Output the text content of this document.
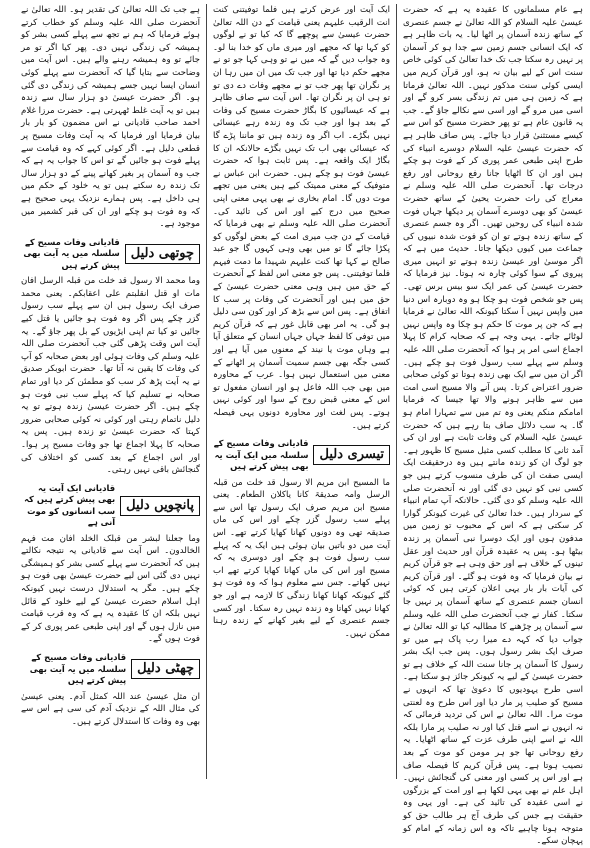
ہے عام مسلمانوں کا عقیدہ یہ ہے کہ حضرت عیسیٰ علیہ السلام کو اللہ تعالیٰ نے جسم عنصری کے ساتھ زندہ آسمان پر اٹھا لیا۔ یہ بات ظاہر ہے کہ ایک انسانی جسم زمین سے جدا ہو کر آسمان پر نہیں رہ سکتا جب تک خدا تعالیٰ کی کوئی خاص سنت اس کے لیے بیان نہ ہو، اور قرآن کریم میں ایسی کوئی سنت مذکور نہیں۔ اللہ تعالیٰ فرماتا ہے کہ زمین ہی میں تم زندگی بسر کرو گے اور اسی میں مرو گے اور اسی سے نکالے جاؤ گے۔ جب یہ قانون عام ہے تو پھر حضرت مسیح کو اس سے کیسے مستثنیٰ قرار دیا جائے۔ پس صاف ظاہر ہے کہ حضرت عیسیٰ علیہ السلام دوسرے انبیاء کی طرح اپنی طبعی عمر پوری کر کے فوت ہو چکے ہیں اور ان کا اٹھایا جانا رفع روحانی اور رفع درجات تھا۔ آنحضرت صلی اللہ علیہ وسلم نے معراج کی رات حضرت یحییٰ کے ساتھ حضرت عیسیٰ کو بھی دوسرے آسمان پر دیکھا جہاں فوت شدہ انبیاء کی روحیں تھیں۔ اگر وہ جسم عنصری کے ساتھ زندہ ہوتے تو ان کو فوت شدہ نبیوں کی جماعت میں کیوں دیکھا جاتا۔ حدیث میں ہے کہ اگر موسیٰ اور عیسیٰ زندہ ہوتے تو انہیں میری پیروی کے سوا کوئی چارہ نہ ہوتا۔ نیز فرمایا کہ حضرت عیسیٰ کی عمر ایک سو بیس برس تھی۔ پس جو شخص فوت ہو چکا ہو وہ دوبارہ اس دنیا میں واپس نہیں آ سکتا کیونکہ اللہ تعالیٰ نے فرمایا ہے کہ جن پر موت کا حکم ہو چکا وہ واپس نہیں لوٹائے جاتے۔ یہی وجہ ہے کہ صحابہ کرام کا پہلا اجماع اسی امر پر ہوا کہ آنحضرت صلی اللہ علیہ وسلم سے پہلے سب رسول فوت ہو چکے ہیں۔ اگر ان میں سے ایک بھی زندہ ہوتا تو کوئی صحابی ضرور اعتراض کرتا۔ پس آنے والا مسیح اسی امت میں سے ظاہر ہونے والا تھا جیسا کہ فرمایا امامکم منکم یعنی وہ تم میں سے تمہارا امام ہو گا۔ یہ سب دلائل صاف بتا رہے ہیں کہ حضرت عیسیٰ علیہ السلام کی وفات ثابت ہے اور ان کی آمد ثانی کا مطلب کسی مثیل مسیح کا ظہور ہے۔ جو لوگ ان کو زندہ مانتے ہیں وہ درحقیقت ایک ایسی صفت ان کی طرف منسوب کرتے ہیں جو کسی نبی کو نہیں دی گئی اور نہ آنحضرت صلی اللہ علیہ وسلم کو دی گئی۔ حالانکہ آپ تمام انبیاء کے سردار ہیں۔ خدا تعالیٰ کی غیرت کیونکر گوارا کر سکتی ہے کہ اس کے محبوب تو زمین میں مدفون ہوں اور ایک دوسرا نبی آسمان پر زندہ بیٹھا ہو۔ پس یہ عقیدہ قرآن اور حدیث اور عقل تینوں کے خلاف ہے اور حق وہی ہے جو قرآن کریم نے بیان فرمایا کہ وہ فوت ہو گئے۔ اور قرآن کریم کی آیات بار بار یہی اعلان کرتی ہیں کہ کوئی انسان جسم عنصری کے ساتھ آسمان پر نہیں جا سکتا۔ کفار نے جب آنحضرت صلی اللہ علیہ وسلم سے آسمان پر چڑھنے کا مطالبہ کیا تو اللہ تعالیٰ نے جواب دیا کہ کہہ دے میرا رب پاک ہے میں تو صرف ایک بشر رسول ہوں۔ پس جب ایک بشر رسول کا آسمان پر جانا سنت اللہ کے خلاف ہے تو حضرت عیسیٰ کے لیے یہ کیونکر جائز ہو سکتا ہے۔ اسی طرح یہودیوں کا دعویٰ تھا کہ انہوں نے مسیح کو صلیب پر مار دیا اور اس طرح وہ لعنتی موت مرا۔ اللہ تعالیٰ نے اس کی تردید فرمائی کہ نہ انہوں نے اسے قتل کیا اور نہ صلیب پر مارا بلکہ اللہ نے اسے اپنی طرف عزت کے ساتھ اٹھایا۔ یہ رفع روحانی تھا جو ہر مومن کو موت کے بعد نصیب ہوتا ہے۔ پس قرآن کریم کا فیصلہ صاف ہے اور اس پر کسی اور معنی کی گنجائش نہیں۔ اہل علم نے بھی یہی لکھا ہے اور امت کے بزرگوں نے اسی عقیدہ کی تائید کی ہے۔ اور یہی وہ حقیقت ہے جس کی طرف آج ہر طالب حق کو متوجہ ہونا چاہیے تاکہ وہ اس زمانہ کے امام کو پہچان سکے۔

ایک آیت اور عرض کرتے ہیں فلما توفیتنی کنت انت الرقیب علیہم یعنی قیامت کے دن اللہ تعالیٰ حضرت عیسیٰ سے پوچھے گا کہ کیا تو نے لوگوں کو کہا تھا کہ مجھے اور میری ماں کو خدا بنا لو۔ وہ جواب دیں گے کہ میں نے تو وہی کہا جو تو نے مجھے حکم دیا تھا اور جب تک میں ان میں رہا ان پر نگران تھا پھر جب تو نے مجھے وفات دے دی تو تو ہی ان پر نگران تھا۔ اس آیت سے صاف ظاہر ہے کہ عیسائیوں کا بگاڑ حضرت مسیح کی وفات کے بعد ہوا اور جب تک وہ زندہ رہے عیسائی نہیں بگڑے۔ اب اگر وہ زندہ ہیں تو ماننا پڑے گا کہ عیسائی بھی اب تک نہیں بگڑے حالانکہ ان کا بگاڑ ایک واقعہ ہے۔ پس ثابت ہوا کہ حضرت عیسیٰ فوت ہو چکے ہیں۔ حضرت ابن عباس نے متوفیک کے معنی ممیتک کیے ہیں یعنی میں تجھے موت دوں گا۔ امام بخاری نے بھی یہی معنی اپنی صحیح میں درج کیے اور اس کی تائید کی۔ آنحضرت صلی اللہ علیہ وسلم نے بھی فرمایا کہ قیامت کے دن جب میری امت کے بعض لوگوں کو پکڑا جائے گا تو میں بھی وہی کہوں گا جو عبد صالح نے کہا تھا کنت علیہم شہیدا ما دمت فیہم فلما توفیتنی۔ پس جو معنی اس لفظ کے آنحضرت کے حق میں ہیں وہی معنی حضرت عیسیٰ کے حق میں ہیں اور آنحضرت کی وفات پر سب کا اتفاق ہے۔ پس اس سے بڑھ کر اور کون سی دلیل ہو گی۔ یہ امر بھی قابل غور ہے کہ قرآن کریم میں توفی کا لفظ جہاں جہاں انسان کے متعلق آیا ہے وہاں موت یا نیند کے معنوں میں آیا ہے اور کسی جگہ بھی جسم سمیت آسمان پر اٹھانے کے معنی میں استعمال نہیں ہوا۔ عرب کے محاورہ میں بھی جب اللہ فاعل ہو اور انسان مفعول تو اس کے معنی قبض روح کے سوا اور کوئی نہیں ہوتے۔ پس لغت اور محاورہ دونوں یہی فیصلہ کرتے ہیں۔

تیسری دلیل
قادیانی وفات مسیح کے سلسلہ میں ایک آیت یہ بھی پیش کرتے ہیں

ما المسیح ابن مریم الا رسول قد خلت من قبلہ الرسل وامہ صدیقۃ کانا یاکلان الطعام۔ یعنی مسیح ابن مریم صرف ایک رسول تھا اس سے پہلے سب رسول گزر چکے اور اس کی ماں صدیقہ تھی وہ دونوں کھانا کھایا کرتے تھے۔ اس آیت میں دو باتیں بیان ہوئی ہیں ایک یہ کہ پہلے سب رسول فوت ہو چکے اور دوسری یہ کہ مسیح اور اس کی ماں کھانا کھایا کرتے تھے اب نہیں کھاتے۔ جس سے معلوم ہوا کہ وہ فوت ہو گئے کیونکہ کھانا کھانا زندگی کا لازمہ ہے اور جو کھانا نہیں کھاتا وہ زندہ نہیں رہ سکتا۔ اور کسی جسم عنصری کے لیے بغیر کھانے کے زندہ رہنا ممکن نہیں۔

ہے جب تک اللہ تعالیٰ کی تقدیر ہو۔ اللہ تعالیٰ نے آنحضرت صلی اللہ علیہ وسلم کو خطاب کرتے ہوئے فرمایا کہ ہم نے تجھ سے پہلے کسی بشر کو ہمیشہ کی زندگی نہیں دی۔ پھر کیا اگر تو مر جائے تو وہ ہمیشہ رہنے والے ہیں۔ اس آیت میں وضاحت سے بتایا گیا کہ آنحضرت سے پہلے کوئی انسان ایسا نہیں جسے ہمیشہ کی زندگی دی گئی ہو۔ اگر حضرت عیسیٰ دو ہزار سال سے زندہ ہیں تو یہ آیت غلط ٹھہرتی ہے۔ حضرت مرزا غلام احمد صاحب قادیانی نے اس مضمون کو بار بار بیان فرمایا اور فرمایا کہ یہ آیت وفات مسیح پر قطعی دلیل ہے۔ اگر کوئی کہے کہ وہ قیامت سے پہلے فوت ہو جائیں گے تو اس کا جواب یہ ہے کہ جب وہ آسمان پر بغیر کھانے پینے کے دو ہزار سال تک زندہ رہ سکتے ہیں تو یہ خلود کے حکم میں ہی داخل ہے۔ پس ہمارے نزدیک یہی صحیح ہے کہ وہ فوت ہو چکے اور ان کی قبر کشمیر میں موجود ہے۔

چوتھی دلیل
قادیانی وفات مسیح کے سلسلہ میں یہ آیت بھی پیش کرتے ہیں

وما محمد الا رسول قد خلت من قبلہ الرسل افان مات او قتل انقلبتم علی اعقابکم۔ یعنی محمد صرف ایک رسول ہیں ان سے پہلے سب رسول گزر چکے پس اگر وہ فوت ہو جائیں یا قتل کیے جائیں تو کیا تم اپنی ایڑیوں کے بل پھر جاؤ گے۔ یہ آیت اس وقت پڑھی گئی جب آنحضرت صلی اللہ علیہ وسلم کی وفات ہوئی اور بعض صحابہ کو آپ کی وفات کا یقین نہ آتا تھا۔ حضرت ابوبکر صدیق نے یہ آیت پڑھ کر سب کو مطمئن کر دیا اور تمام صحابہ نے تسلیم کیا کہ پہلے سب نبی فوت ہو چکے ہیں۔ اگر حضرت عیسیٰ زندہ ہوتے تو یہ دلیل ناتمام رہتی اور کوئی نہ کوئی صحابی ضرور کہتا کہ حضرت عیسیٰ تو زندہ ہیں۔ پس یہ صحابہ کا پہلا اجماع تھا جو وفات مسیح پر ہوا۔ اور اس اجماع کے بعد کسی کو اختلاف کی گنجائش باقی نہیں رہتی۔

پانچویں دلیل
قادیانی ایک آیت یہ بھی پیش کرتے ہیں کہ سب انسانوں کو موت آنی ہے

وما جعلنا لبشر من قبلک الخلد افان مت فہم الخالدون۔ اس آیت سے قادیانی یہ نتیجہ نکالتے ہیں کہ آنحضرت سے پہلے کسی بشر کو ہمیشگی نہیں دی گئی اس لیے حضرت عیسیٰ بھی فوت ہو چکے ہیں۔ مگر یہ استدلال درست نہیں کیونکہ اہل اسلام حضرت عیسیٰ کے لیے خلود کے قائل نہیں بلکہ ان کا عقیدہ یہ ہے کہ وہ قرب قیامت میں نازل ہوں گے اور اپنی طبعی عمر پوری کر کے فوت ہوں گے۔

چھٹی دلیل
قادیانی وفات مسیح کے سلسلہ میں یہ آیت بھی پیش کرتے ہیں

ان مثل عیسیٰ عند اللہ کمثل آدم۔ یعنی عیسیٰ کی مثال اللہ کے نزدیک آدم کی سی ہے اس سے بھی وہ وفات کا استدلال کرتے ہیں۔
